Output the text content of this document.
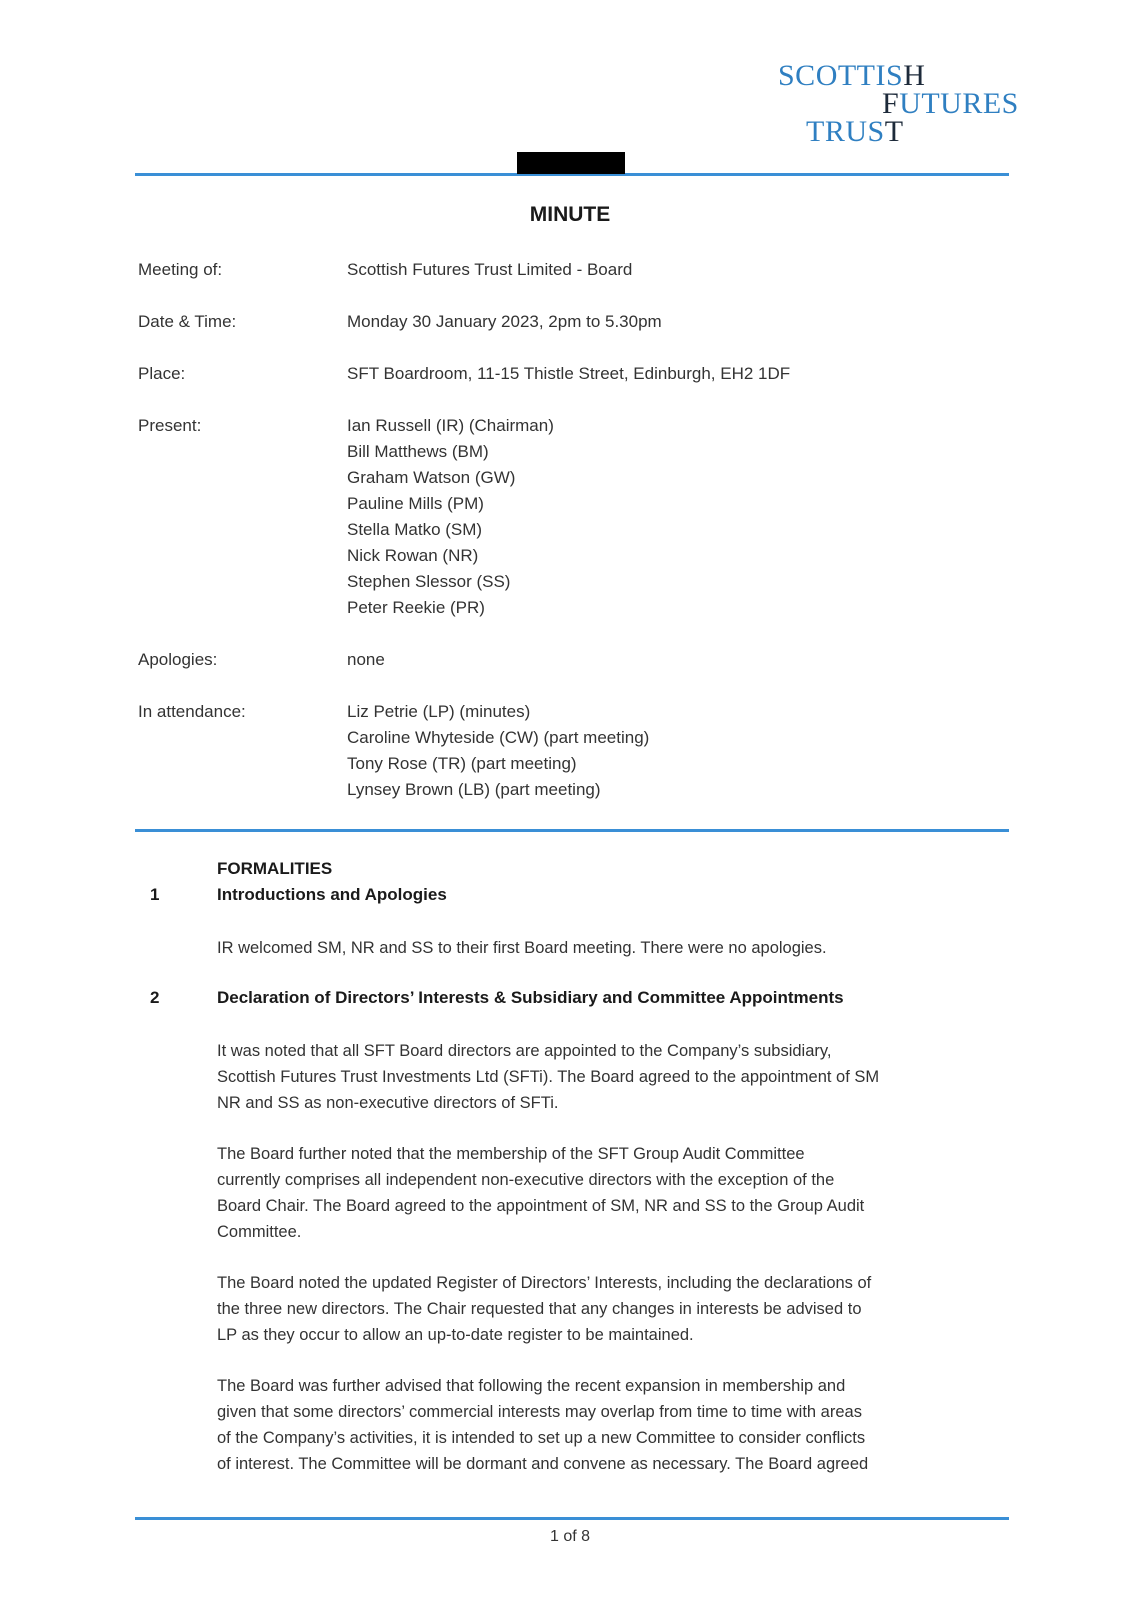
SCOTTISH
FUTURES
TRUST
MINUTE
Meeting of:	Scottish Futures Trust Limited - Board
Date & Time:	Monday 30 January 2023, 2pm to 5.30pm
Place:	SFT Boardroom, 11-15 Thistle Street, Edinburgh, EH2 1DF
Present:	Ian Russell (IR) (Chairman)
Bill Matthews (BM)
Graham Watson (GW)
Pauline Mills (PM)
Stella Matko (SM)
Nick Rowan (NR)
Stephen Slessor (SS)
Peter Reekie (PR)
Apologies:	none
In attendance:	Liz Petrie (LP) (minutes)
Caroline Whyteside (CW) (part meeting)
Tony Rose (TR) (part meeting)
Lynsey Brown (LB) (part meeting)
FORMALITIES
1	Introductions and Apologies
IR welcomed SM, NR and SS to their first Board meeting. There were no apologies.
2	Declaration of Directors’ Interests & Subsidiary and Committee Appointments
It was noted that all SFT Board directors are appointed to the Company’s subsidiary,
Scottish Futures Trust Investments Ltd (SFTi). The Board agreed to the appointment of SM
NR and SS as non-executive directors of SFTi.
The Board further noted that the membership of the SFT Group Audit Committee
currently comprises all independent non-executive directors with the exception of the
Board Chair. The Board agreed to the appointment of SM, NR and SS to the Group Audit
Committee.
The Board noted the updated Register of Directors’ Interests, including the declarations of
the three new directors. The Chair requested that any changes in interests be advised to
LP as they occur to allow an up-to-date register to be maintained.
The Board was further advised that following the recent expansion in membership and
given that some directors’ commercial interests may overlap from time to time with areas
of the Company’s activities, it is intended to set up a new Committee to consider conflicts
of interest. The Committee will be dormant and convene as necessary. The Board agreed
1 of 8
